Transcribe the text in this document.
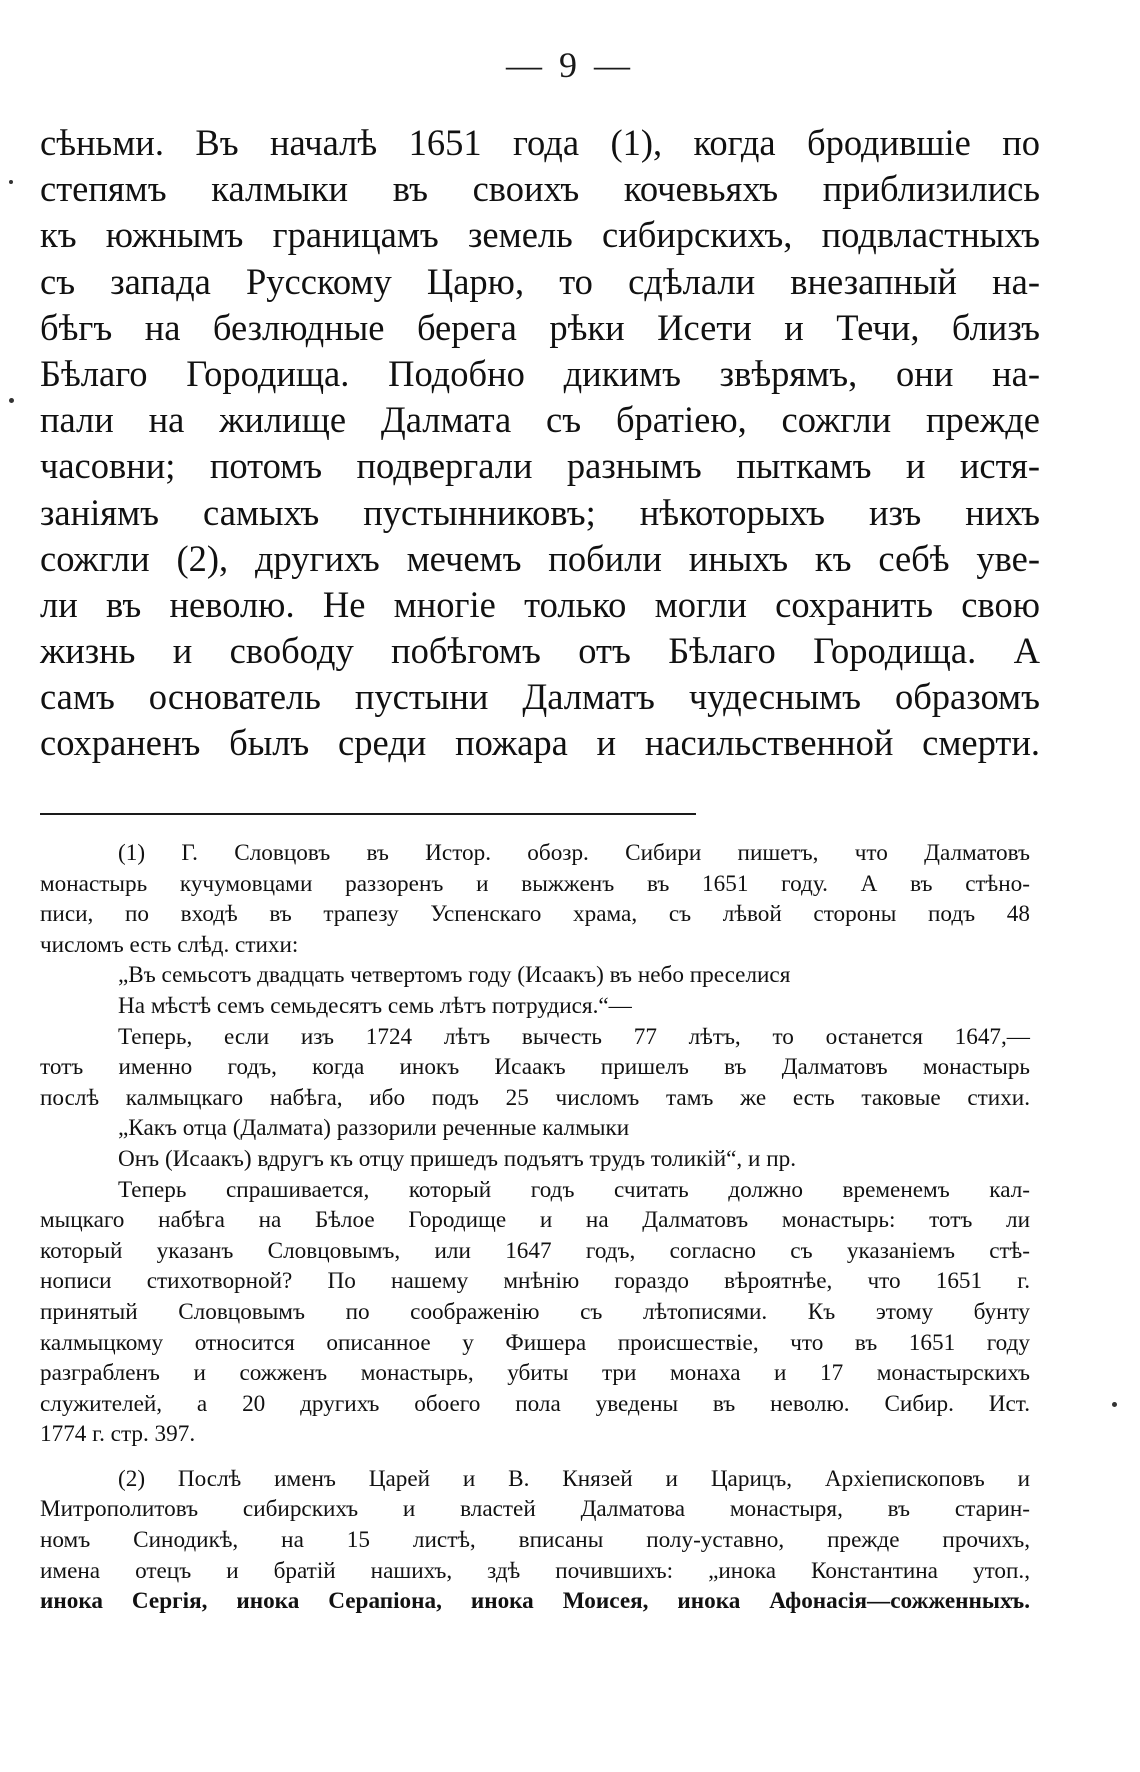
— 9 —
сѣньми. Въ началѣ 1651 года (1), когда бродившіе по
степямъ калмыки въ своихъ кочевьяхъ приблизились
къ южнымъ границамъ земель сибирскихъ, подвластныхъ
съ запада Русскому Царю, то сдѣлали внезапный на-
бѣгъ на безлюдные берега рѣки Исети и Течи, близъ
Бѣлаго Городища. Подобно дикимъ звѣрямъ, они на-
пали на жилище Далмата съ братіею, сожгли прежде
часовни; потомъ подвергали разнымъ пыткамъ и истя-
заніямъ самыхъ пустынниковъ; нѣкоторыхъ изъ нихъ
сожгли (2), другихъ мечемъ побили иныхъ къ себѣ уве-
ли въ неволю. Не многіе только могли сохранить свою
жизнь и свободу побѣгомъ отъ Бѣлаго Городища. А
самъ основатель пустыни Далматъ чудеснымъ образомъ
сохраненъ былъ среди пожара и насильственной смерти.
(1) Г. Словцовъ въ Истор. обозр. Сибири пишетъ, что Далматовъ
монастырь кучумовцами раззоренъ и выжженъ въ 1651 году. А въ стѣно-
писи, по входѣ въ трапезу Успенскаго храма, съ лѣвой стороны подъ 48
числомъ есть слѣд. стихи:
„Въ семьсотъ двадцать четвертомъ году (Исаакъ) въ небо преселися
На мѣстѣ семъ семьдесятъ семь лѣтъ потрудися.“—
Теперь, если изъ 1724 лѣтъ вычесть 77 лѣтъ, то останется 1647,—
тотъ именно годъ, когда инокъ Исаакъ пришелъ въ Далматовъ монастырь
послѣ калмыцкаго набѣга, ибо подъ 25 числомъ тамъ же есть таковые стихи.
„Какъ отца (Далмата) раззорили реченные калмыки
Онъ (Исаакъ) вдругъ къ отцу пришедъ подъятъ трудъ толикій“, и пр.
Теперь спрашивается, который годъ считать должно временемъ кал-
мыцкаго набѣга на Бѣлое Городище и на Далматовъ монастырь: тотъ ли
который указанъ Словцовымъ, или 1647 годъ, согласно съ указаніемъ стѣ-
нописи стихотворной? По нашему мнѣнію гораздо вѣроятнѣе, что 1651 г.
принятый Словцовымъ по соображенію съ лѣтописями. Къ этому бунту
калмыцкому относится описанное у Фишера происшествіе, что въ 1651 году
разграбленъ и сожженъ монастырь, убиты три монаха и 17 монастырскихъ
служителей, а 20 другихъ обоего пола уведены въ неволю. Сибир. Ист.
1774 г. стр. 397.
(2) Послѣ именъ Царей и В. Князей и Царицъ, Архіепископовъ и
Митрополитовъ сибирскихъ и властей Далматова монастыря, въ старин-
номъ Синодикѣ, на 15 листѣ, вписаны полу-уставно, прежде прочихъ,
имена отецъ и братій нашихъ, здѣ почившихъ: „инока Константина утоп.,
инока Сергія, инока Серапіона, инока Моисея, инока Афонасія—сожженныхъ.
